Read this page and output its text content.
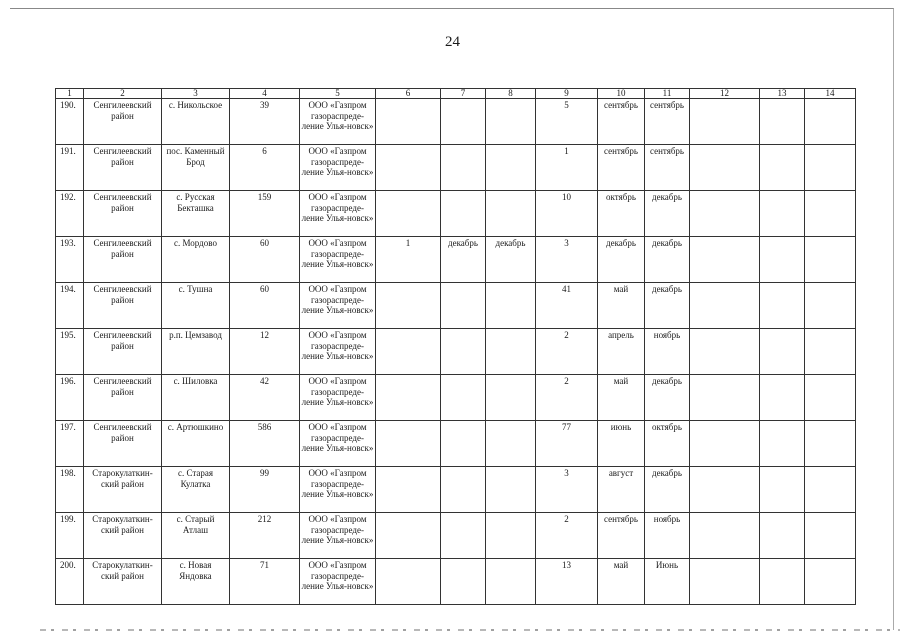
24
1	2	3	4	5	6	7	8	9	10	11	12	13	14
190.	Сенгилеевский район	с. Никольское	39	ООО «Газпром газораспреде-ление Улья-новск»				5	сентябрь	сентябрь			
191.	Сенгилеевский район	пос. Каменный Брод	6	ООО «Газпром газораспреде-ление Улья-новск»				1	сентябрь	сентябрь			
192.	Сенгилеевский район	с. Русская Бекташка	159	ООО «Газпром газораспреде-ление Улья-новск»				10	октябрь	декабрь			
193.	Сенгилеевский район	с. Мордово	60	ООО «Газпром газораспреде-ление Улья-новск»	1	декабрь	декабрь	3	декабрь	декабрь			
194.	Сенгилеевский район	с. Тушна	60	ООО «Газпром газораспреде-ление Улья-новск»				41	май	декабрь			
195.	Сенгилеевский район	р.п. Цемзавод	12	ООО «Газпром газораспреде-ление Улья-новск»				2	апрель	ноябрь			
196.	Сенгилеевский район	с. Шиловка	42	ООО «Газпром газораспреде-ление Улья-новск»				2	май	декабрь			
197.	Сенгилеевский район	с. Артюшкино	586	ООО «Газпром газораспреде-ление Улья-новск»				77	июнь	октябрь			
198.	Старокулаткин-ский район	с. Старая Кулатка	99	ООО «Газпром газораспреде-ление Улья-новск»				3	август	декабрь			
199.	Старокулаткин-ский район	с. Старый Атлаш	212	ООО «Газпром газораспреде-ление Улья-новск»				2	сентябрь	ноябрь			
200.	Старокулаткин-ский район	с. Новая Яндовка	71	ООО «Газпром газораспреде-ление Улья-новск»				13	май	Июнь			
